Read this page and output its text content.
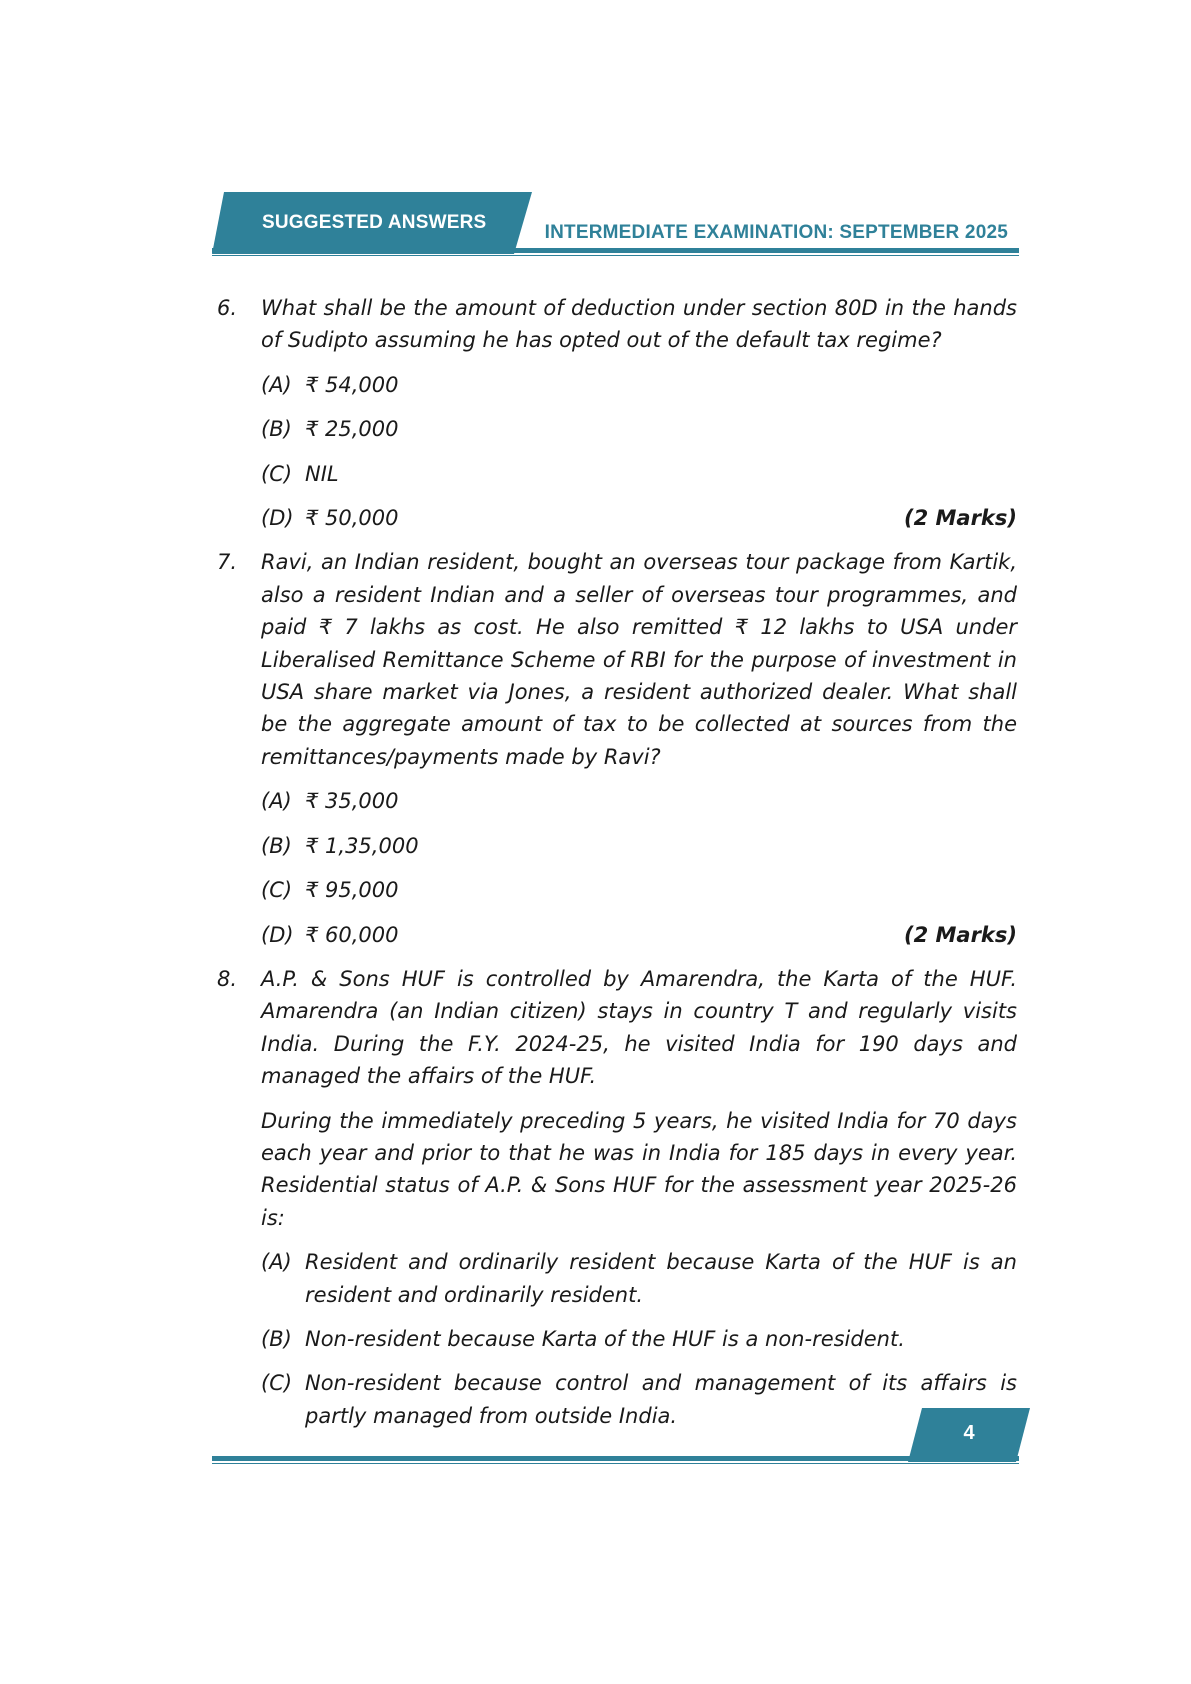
SUGGESTED ANSWERS	INTERMEDIATE EXAMINATION: SEPTEMBER 2025
6.	What shall be the amount of deduction under section 80D in the hands of Sudipto assuming he has opted out of the default tax regime?
(A) ₹ 54,000
(B) ₹ 25,000
(C) NIL
(D) ₹ 50,000	(2 Marks)
7.	Ravi, an Indian resident, bought an overseas tour package from Kartik, also a resident Indian and a seller of overseas tour programmes, and paid ₹ 7 lakhs as cost. He also remitted ₹ 12 lakhs to USA under Liberalised Remittance Scheme of RBI for the purpose of investment in USA share market via Jones, a resident authorized dealer. What shall be the aggregate amount of tax to be collected at sources from the remittances/payments made by Ravi?
(A) ₹ 35,000
(B) ₹ 1,35,000
(C) ₹ 95,000
(D) ₹ 60,000	(2 Marks)
8.	A.P. & Sons HUF is controlled by Amarendra, the Karta of the HUF. Amarendra (an Indian citizen) stays in country T and regularly visits India. During the F.Y. 2024-25, he visited India for 190 days and managed the affairs of the HUF.
During the immediately preceding 5 years, he visited India for 70 days each year and prior to that he was in India for 185 days in every year. Residential status of A.P. & Sons HUF for the assessment year 2025-26 is:
(A) Resident and ordinarily resident because Karta of the HUF is an resident and ordinarily resident.
(B) Non-resident because Karta of the HUF is a non-resident.
(C) Non-resident because control and management of its affairs is partly managed from outside India.
4
